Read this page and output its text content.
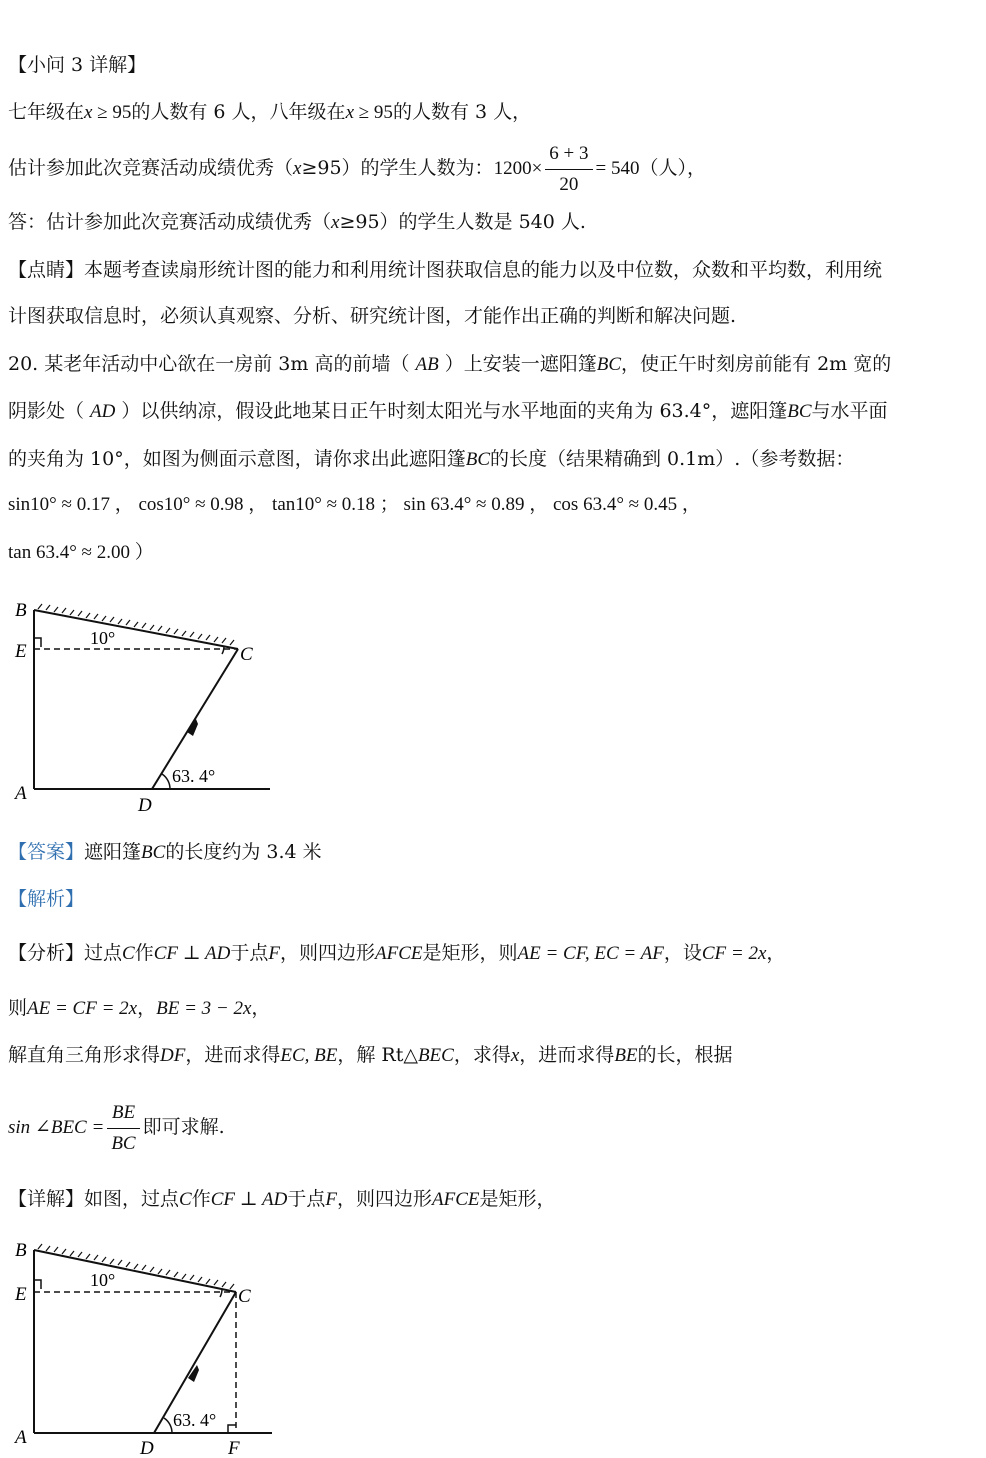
【小问 3 详解】
七年级在x ≥ 95的人数有 6 人，八年级在x ≥ 95的人数有 3 人，
估计参加此次竞赛活动成绩优秀（x≥95）的学生人数为：$1200\times \frac{6 + 3}{20} = 540$（人），
答：估计参加此次竞赛活动成绩优秀（x≥95）的学生人数是 540 人.
【点睛】本题考查读扇形统计图的能力和利用统计图获取信息的能力以及中位数，众数和平均数，利用统
计图获取信息时，必须认真观察、分析、研究统计图，才能作出正确的判断和解决问题.
20. 某老年活动中心欲在一房前 3m 高的前墙（ AB ）上安装一遮阳篷BC，使正午时刻房前能有 2m 宽的
阴影处（ AD ）以供纳凉，假设此地某日正午时刻太阳光与水平地面的夹角为 63.4°，遮阳篷BC与水平面
的夹角为 10°，如图为侧面示意图，请你求出此遮阳篷BC的长度（结果精确到 0.1m）.（参考数据：
sin10° ≈ 0.17 ， cos10° ≈ 0.98 ， tan10° ≈ 0.18 ； sin 63.4° ≈ 0.89 ， cos 63.4° ≈ 0.45 ，
tan 63.4° ≈ 2.00 ）
B
E
A
C
D
10°
63. 4°
【答案】遮阳篷BC的长度约为 3.4 米
【解析】
【分析】过点C作CF ⊥ AD于点F，则四边形AFCE是矩形，则AE = CF, EC = AF，设CF = 2x，
则AE = CF = 2x，BE = 3 − 2x，
解直角三角形求得DF，进而求得EC, BE，解 Rt△BEC，求得x，进而求得BE的长，根据
sin ∠BEC = $\frac{BE}{BC}$ 即可求解.
【详解】如图，过点C作CF ⊥ AD于点F，则四边形AFCE是矩形，
B
E
A
C
D	F
10°
63. 4°
